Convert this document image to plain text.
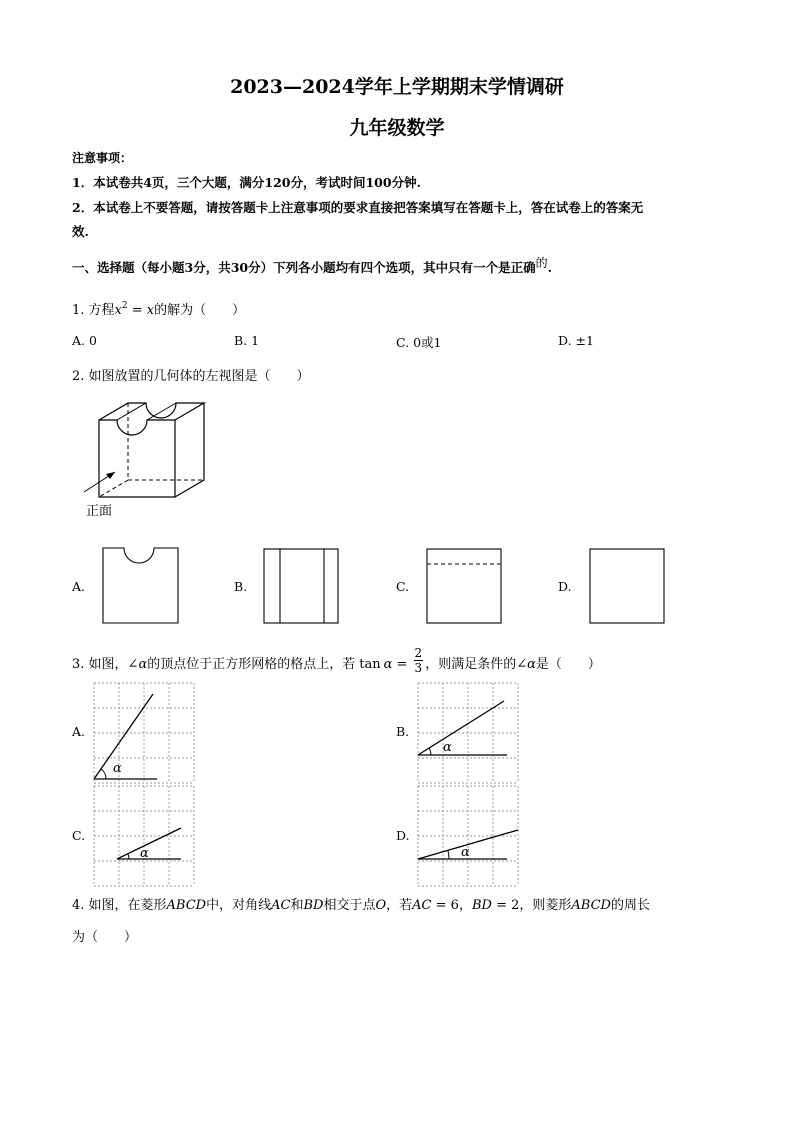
2023—2024学年上学期期末学情调研
九年级数学
注意事项：
1．本试卷共4页，三个大题，满分120分，考试时间100分钟.
2．本试卷上不要答题，请按答题卡上注意事项的要求直接把答案填写在答题卡上，答在试卷上的答案无
效.
一、选择题（每小题3分，共30分）下列各小题均有四个选项，其中只有一个是正确的.
1. 方程$x^2 = x$的解为（　　）
A. 0	B. 1	C. 0或1	D. ±1
2. 如图放置的几何体的左视图是（　　）
正面
A.	B.	C.	D.
3. 如图，∠α的顶点位于正方形网格的格点上，若 $\tan \alpha = \frac{2}{3}$ ，则满足条件的∠α是（　　）
A.
α
B.
α
C.
α
D.
α
4. 如图，在菱形ABCD中，对角线AC和BD相交于点O，若AC = 6，BD = 2，则菱形ABCD的周长
为（　　）
